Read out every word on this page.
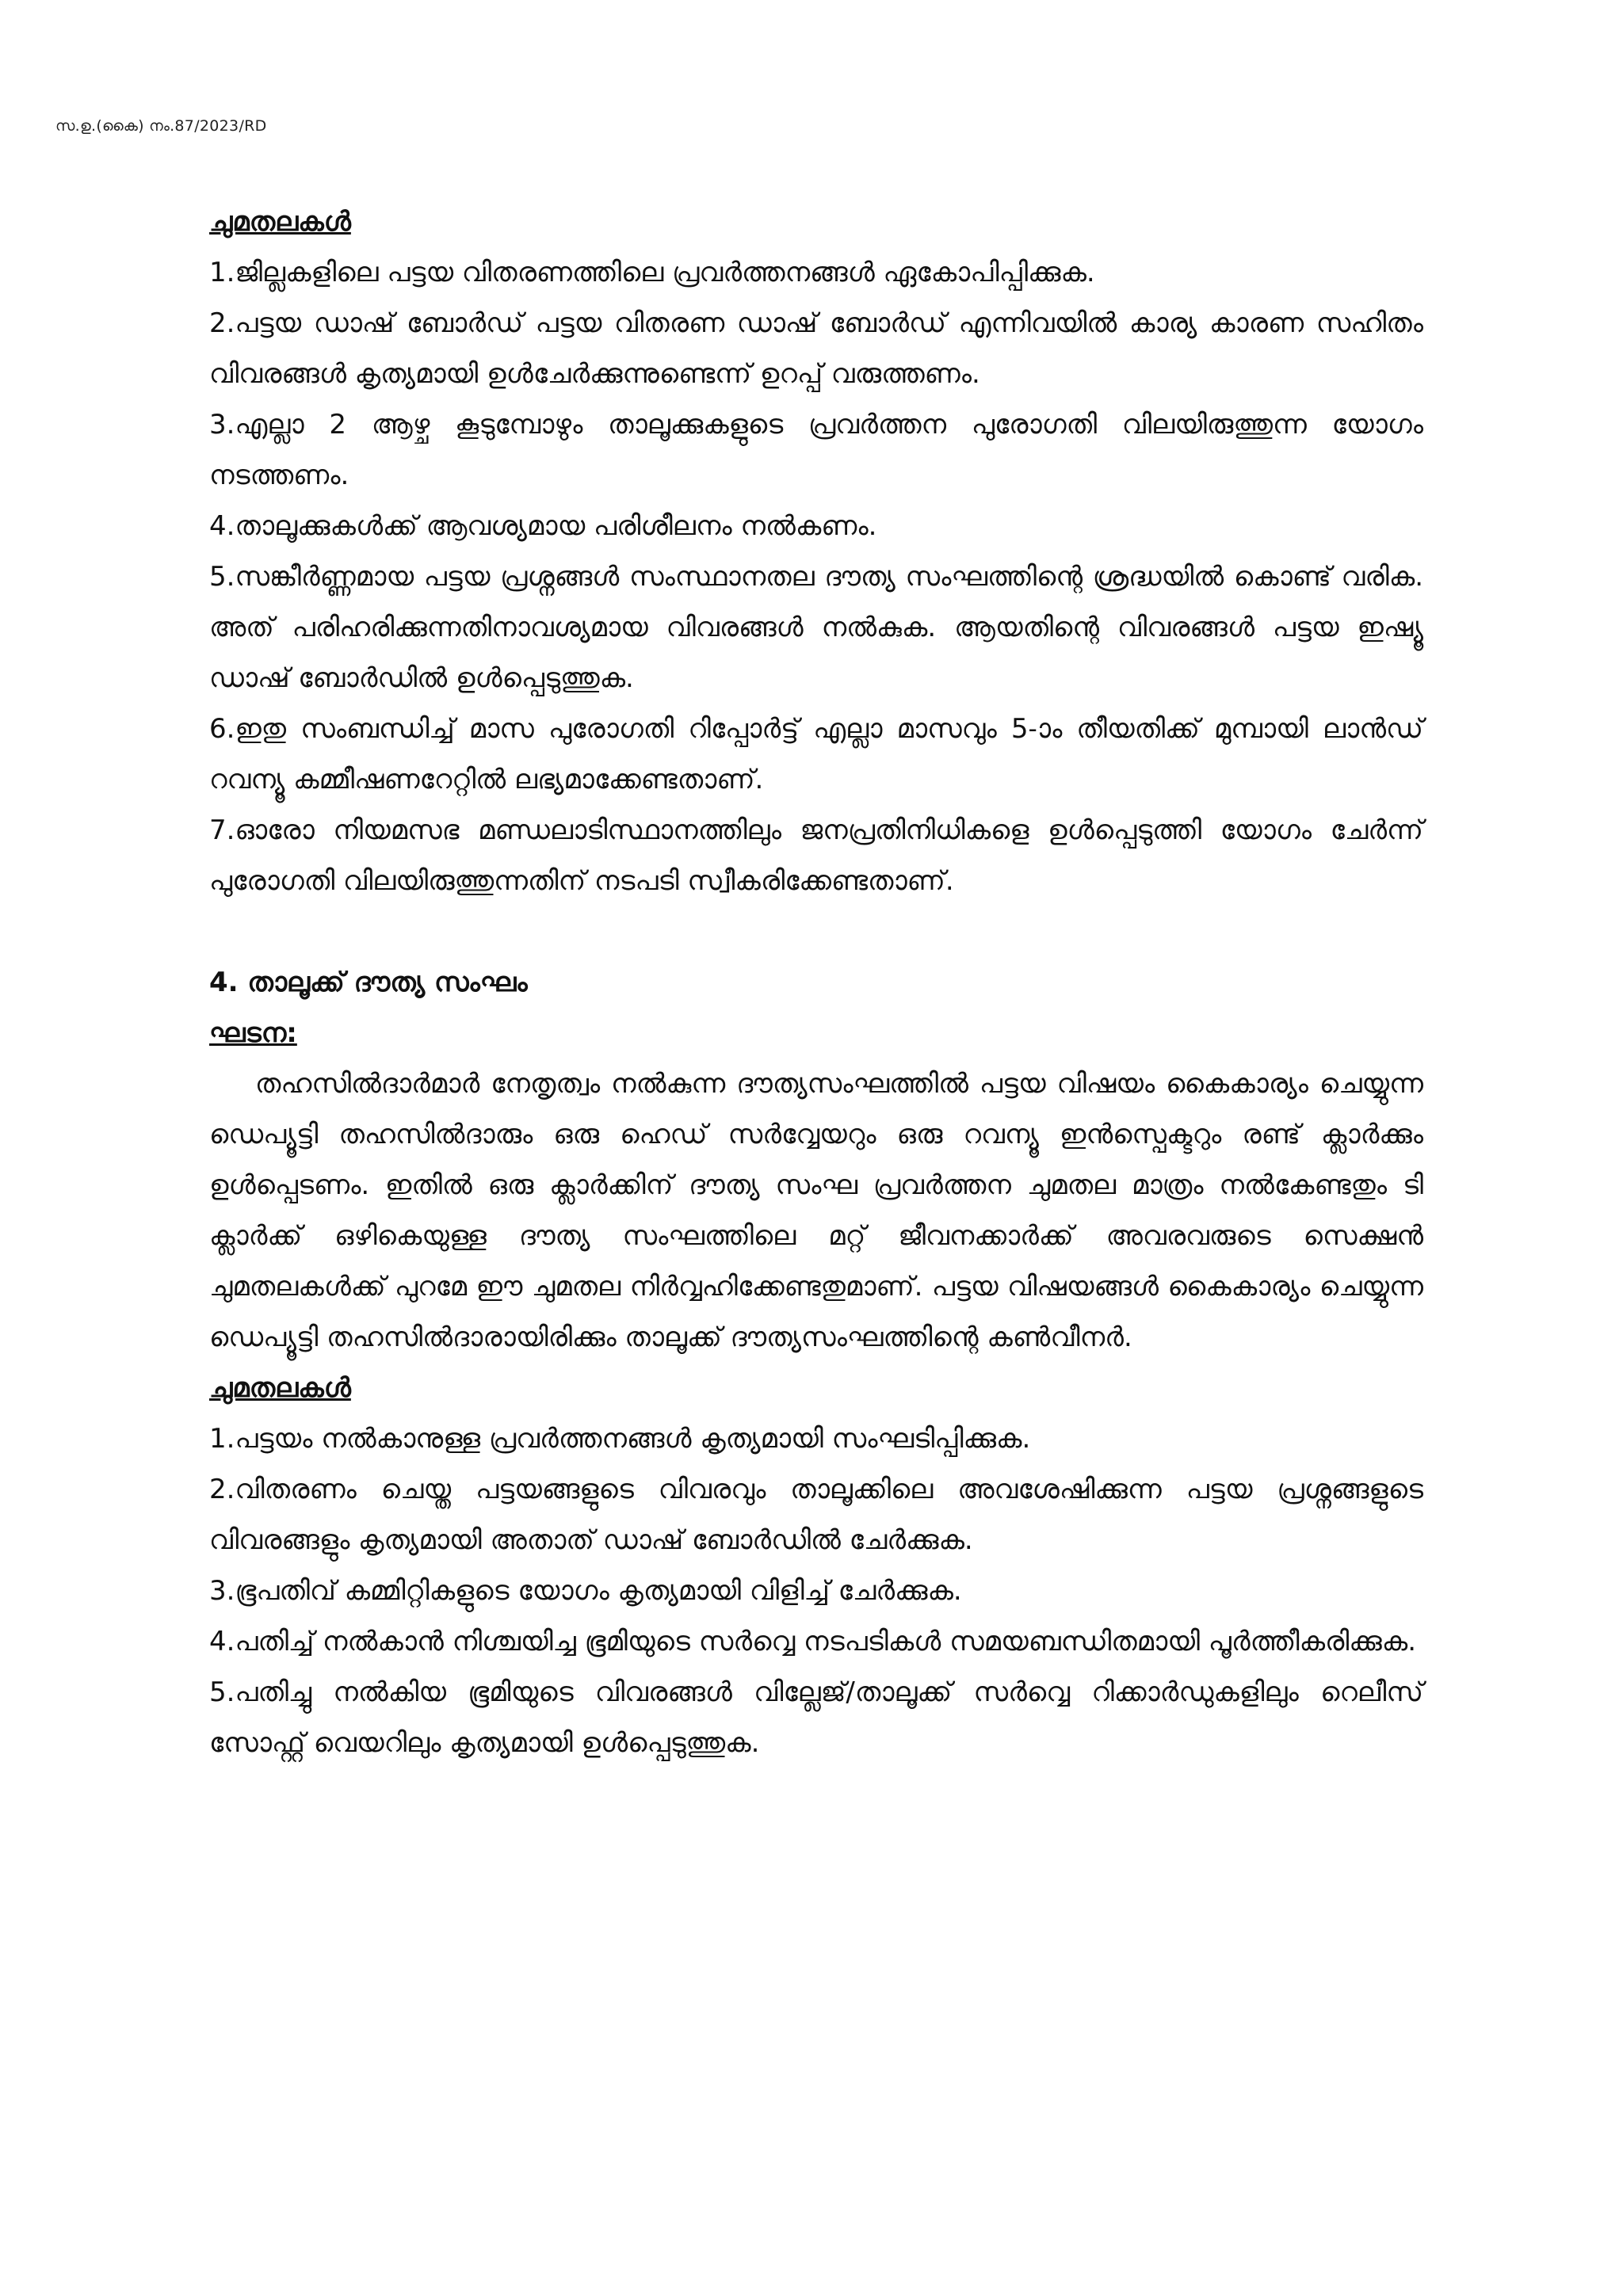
സ.ഉ.(കൈ) നം.87/2023/RD

ചുമതലകൾ

1.ജില്ലകളിലെ പട്ടയ വിതരണത്തിലെ പ്രവർത്തനങ്ങൾ ഏകോപിപ്പിക്കുക.

2.പട്ടയ ഡാഷ് ബോർഡ് പട്ടയ വിതരണ ഡാഷ് ബോർഡ് എന്നിവയിൽ കാര്യ കാരണ സഹിതം വിവരങ്ങൾ കൃത്യമായി ഉൾചേർക്കുന്നുണ്ടെന്ന് ഉറപ്പ് വരുത്തണം.

3.എല്ലാ 2 ആഴ്ച കൂടുമ്പോഴും താലൂക്കുകളുടെ പ്രവർത്തന പുരോഗതി വിലയിരുത്തുന്ന യോഗം നടത്തണം.

4.താലൂക്കുകൾക്ക് ആവശ്യമായ പരിശീലനം നൽകണം.

5.സങ്കീർണ്ണമായ പട്ടയ പ്രശ്നങ്ങൾ സംസ്ഥാനതല ദൗത്യ സംഘത്തിന്റെ ശ്രദ്ധയിൽ കൊണ്ട് വരിക. അത് പരിഹരിക്കുന്നതിനാവശ്യമായ വിവരങ്ങൾ നൽകുക. ആയതിന്റെ വിവരങ്ങൾ പട്ടയ ഇഷ്യൂ ഡാഷ് ബോർഡിൽ ഉൾപ്പെടുത്തുക.

6.ഇതു സംബന്ധിച്ച് മാസ പുരോഗതി റിപ്പോർട്ട് എല്ലാ മാസവും 5-ാം തീയതിക്ക് മുമ്പായി ലാൻഡ് റവന്യൂ കമ്മീഷണറേറ്റിൽ ലഭ്യമാക്കേണ്ടതാണ്.

7.ഓരോ നിയമസഭ മണ്ഡലാടിസ്ഥാനത്തിലും ജനപ്രതിനിധികളെ ഉൾപ്പെടുത്തി യോഗം ചേർന്ന് പുരോഗതി വിലയിരുത്തുന്നതിന് നടപടി സ്വീകരിക്കേണ്ടതാണ്.

4. താലൂക്ക് ദൗത്യ സംഘം

ഘടന:

തഹസിൽദാർമാർ നേതൃത്വം നൽകുന്ന ദൗത്യസംഘത്തിൽ പട്ടയ വിഷയം കൈകാര്യം ചെയ്യുന്ന ഡെപ്യൂട്ടി തഹസിൽദാരും ഒരു ഹെഡ് സർവ്വേയറും ഒരു റവന്യൂ ഇൻസ്പെക്ടറും രണ്ട് ക്ലാർക്കും ഉൾപ്പെടണം. ഇതിൽ ഒരു ക്ലാർക്കിന് ദൗത്യ സംഘ പ്രവർത്തന ചുമതല മാത്രം നൽകേണ്ടതും ടി ക്ലാർക്ക് ഒഴികെയുള്ള ദൗത്യ സംഘത്തിലെ മറ്റ് ജീവനക്കാർക്ക് അവരവരുടെ സെക്ഷൻ ചുമതലകൾക്ക് പുറമേ ഈ ചുമതല നിർവ്വഹിക്കേണ്ടതുമാണ്. പട്ടയ വിഷയങ്ങൾ കൈകാര്യം ചെയ്യുന്ന ഡെപ്യൂട്ടി തഹസിൽദാരായിരിക്കും താലൂക്ക് ദൗത്യസംഘത്തിന്റെ കൺവീനർ.

ചുമതലകൾ

1.പട്ടയം നൽകാനുള്ള പ്രവർത്തനങ്ങൾ കൃത്യമായി സംഘടിപ്പിക്കുക.

2.വിതരണം ചെയ്ത പട്ടയങ്ങളുടെ വിവരവും താലൂക്കിലെ അവശേഷിക്കുന്ന പട്ടയ പ്രശ്നങ്ങളുടെ വിവരങ്ങളും കൃത്യമായി അതാത് ഡാഷ് ബോർഡിൽ ചേർക്കുക.

3.ഭൂപതിവ് കമ്മിറ്റികളുടെ യോഗം കൃത്യമായി വിളിച്ച് ചേർക്കുക.

4.പതിച്ച് നൽകാൻ നിശ്ചയിച്ച ഭൂമിയുടെ സർവ്വെ നടപടികൾ സമയബന്ധിതമായി പൂർത്തീകരിക്കുക.

5.പതിച്ചു നൽകിയ ഭൂമിയുടെ വിവരങ്ങൾ വില്ലേജ്/താലൂക്ക് സർവ്വെ റിക്കാർഡുകളിലും റെലീസ് സോഫ്റ്റ് വെയറിലും കൃത്യമായി ഉൾപ്പെടുത്തുക.
